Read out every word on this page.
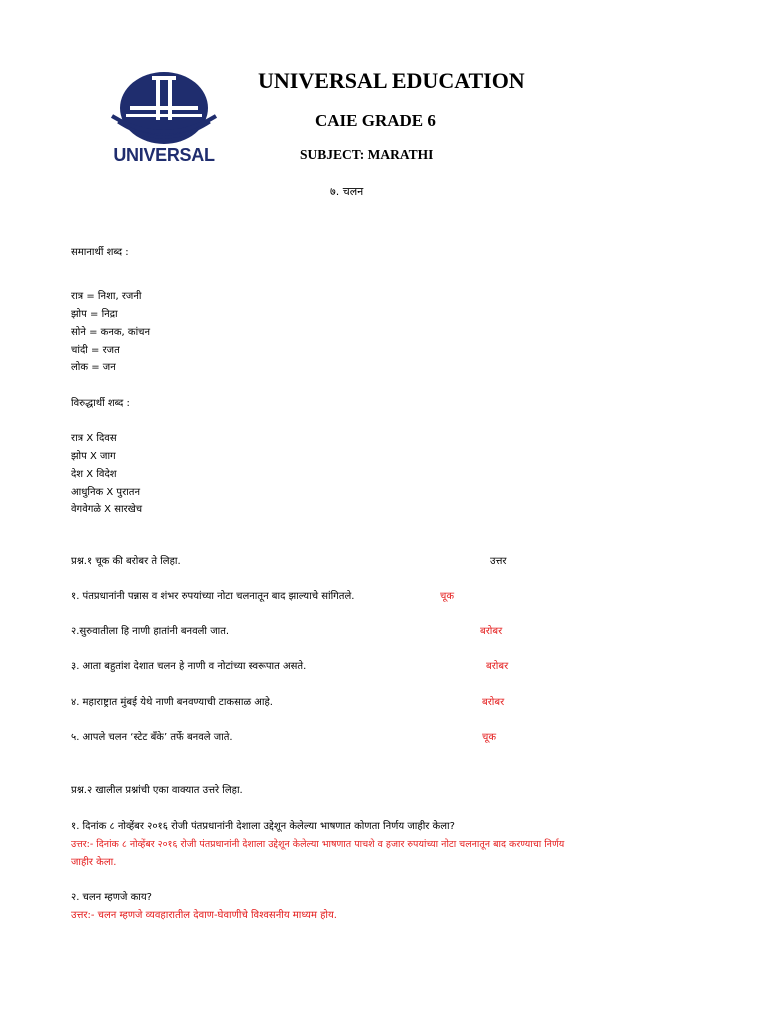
UNIVERSAL
UNIVERSAL EDUCATION
CAIE GRADE 6
SUBJECT: MARATHI
७. चलन
समानार्थी शब्द :
रात्र = निशा, रजनी
झोप = निद्रा
सोने = कनक, कांचन
चांदी = रजत
लोक = जन
विरुद्धार्थी शब्द :
रात्र X दिवस
झोप X जाग
देश X विदेश
आधुनिक X पुरातन
वेगवेगळे X सारखेच
प्रश्न.१ चूक की बरोबर ते लिहा.	उत्तर
१. पंतप्रधानांनी पन्नास व शंभर रुपयांच्या नोटा चलनातून बाद झाल्याचे सांगितले.	चूक
२.सुरुवातीला हि नाणी हातांनी बनवली जात.	बरोबर
३. आता बहुतांश देशात चलन हे नाणी व नोटांच्या स्वरूपात असते.	बरोबर
४. महाराष्ट्रात मुंबई येथे नाणी बनवण्याची टाकसाळ आहे.	बरोबर
५. आपले चलन ‘स्टेट बँके’ तर्फे बनवले जाते.	चूक
प्रश्न.२ खालील प्रश्नांची एका वाक्यात उत्तरे लिहा.
१. दिनांक ८ नोव्हेंबर २०१६ रोजी पंतप्रधानांनी देशाला उद्देशून केलेल्या भाषणात कोणता निर्णय जाहीर केला?
उत्तर:- दिनांक ८ नोव्हेंबर २०१६ रोजी पंतप्रधानांनी देशाला उद्देशून केलेल्या भाषणात पाचशे व हजार रुपयांच्या नोटा चलनातून बाद करण्याचा निर्णय
जाहीर केला.
२. चलन म्हणजे काय?
उत्तर:- चलन म्हणजे व्यवहारातील देवाण-घेवाणीचे विश्वसनीय माध्यम होय.
